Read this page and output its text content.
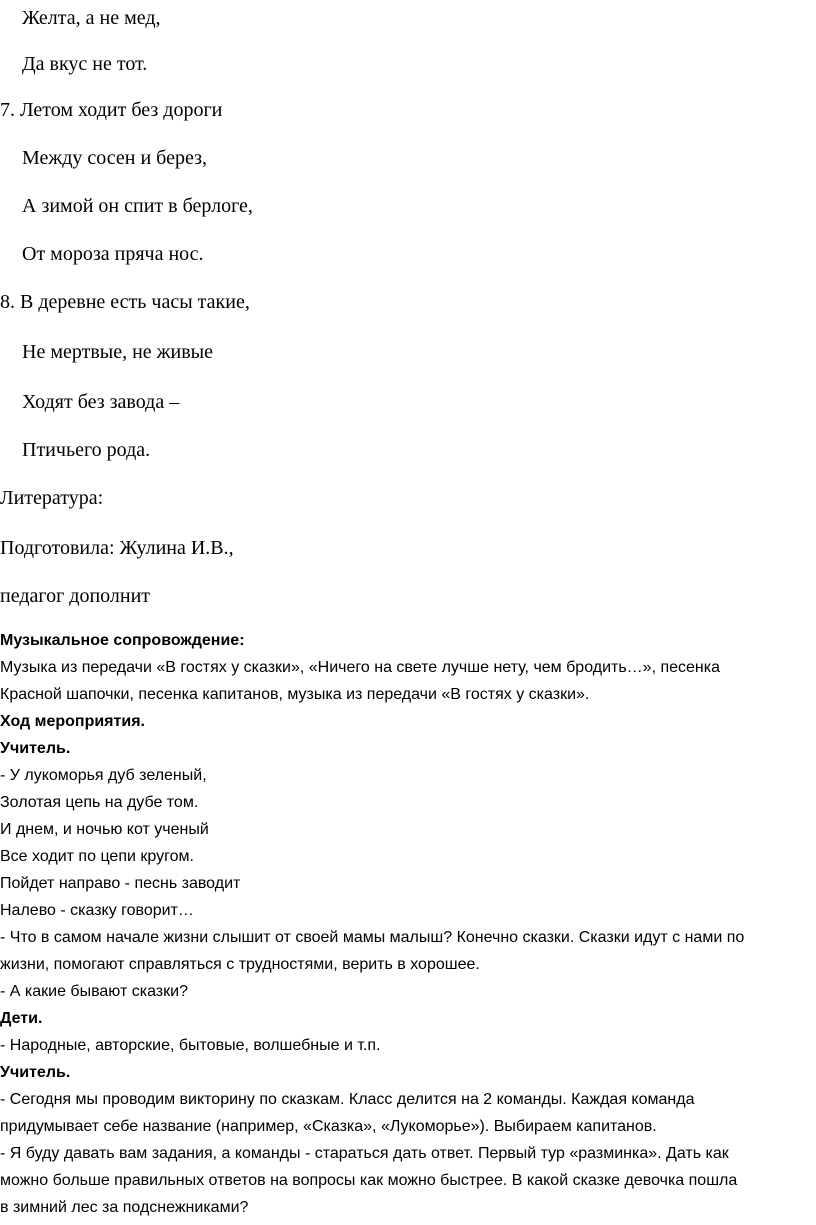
Желта, а не мед,
Да вкус не тот.
7. Летом ходит без дороги
Между сосен и берез,
А зимой он спит в берлоге,
От мороза пряча нос.
8. В деревне есть часы такие,
Не мертвые, не живые
Ходят без завода –
Птичьего рода.
Литература:
Подготовила: Жулина И.В.,
педагог дополнит
Музыкальное сопровождение:
Музыка из передачи «В гостях у сказки», «Ничего на свете лучше нету, чем бродить…», песенка
Красной шапочки, песенка капитанов, музыка из передачи «В гостях у сказки».
Ход мероприятия.
Учитель.
- У лукоморья дуб зеленый,
Золотая цепь на дубе том.
И днем, и ночью кот ученый
Все ходит по цепи кругом.
Пойдет направо - песнь заводит
Налево - сказку говорит…
- Что в самом начале жизни слышит от своей мамы малыш? Конечно сказки. Сказки идут с нами по
жизни, помогают справляться с трудностями, верить в хорошее.
- А какие бывают сказки?
Дети.
- Народные, авторские, бытовые, волшебные и т.п.
Учитель.
- Сегодня мы проводим викторину по сказкам. Класс делится на 2 команды. Каждая команда
придумывает себе название (например, «Сказка», «Лукоморье»). Выбираем капитанов.
- Я буду давать вам задания, а команды - стараться дать ответ. Первый тур «разминка». Дать как
можно больше правильных ответов на вопросы как можно быстрее. В какой сказке девочка пошла
в зимний лес за подснежниками?
